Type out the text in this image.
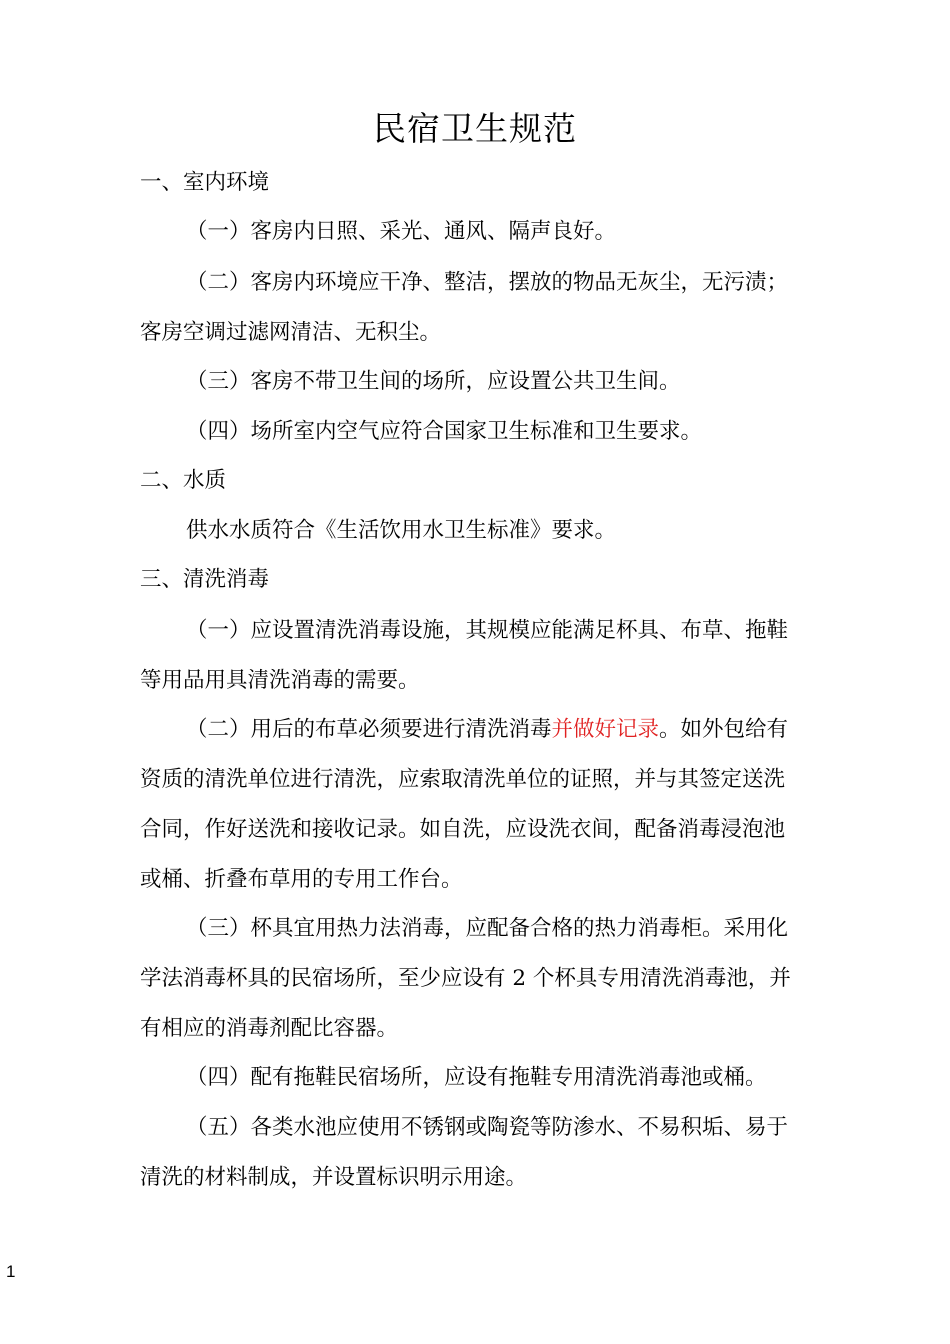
民宿卫生规范
一、室内环境
（一）客房内日照、采光、通风、隔声良好。
（二）客房内环境应干净、整洁，摆放的物品无灰尘，无污渍；
客房空调过滤网清洁、无积尘。
（三）客房不带卫生间的场所，应设置公共卫生间。
（四）场所室内空气应符合国家卫生标准和卫生要求。
二、水质
供水水质符合《生活饮用水卫生标准》要求。
三、清洗消毒
（一）应设置清洗消毒设施，其规模应能满足杯具、布草、拖鞋
等用品用具清洗消毒的需要。
（二）用后的布草必须要进行清洗消毒并做好记录。如外包给有
资质的清洗单位进行清洗，应索取清洗单位的证照，并与其签定送洗
合同，作好送洗和接收记录。如自洗，应设洗衣间，配备消毒浸泡池
或桶、折叠布草用的专用工作台。
（三）杯具宜用热力法消毒，应配备合格的热力消毒柜。采用化
学法消毒杯具的民宿场所，至少应设有 2 个杯具专用清洗消毒池，并
有相应的消毒剂配比容器。
（四）配有拖鞋民宿场所，应设有拖鞋专用清洗消毒池或桶。
（五）各类水池应使用不锈钢或陶瓷等防渗水、不易积垢、易于
清洗的材料制成，并设置标识明示用途。
1
